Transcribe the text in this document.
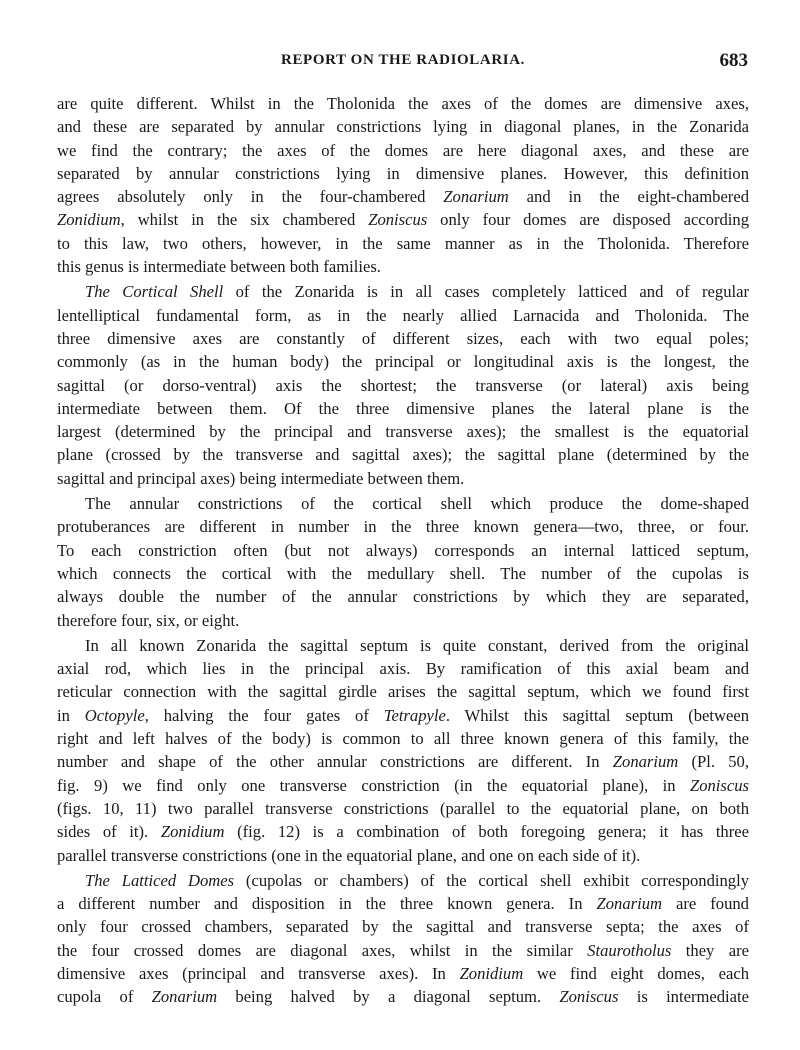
REPORT ON THE RADIOLARIA.	683
are quite different. Whilst in the Tholonida the axes of the domes are dimensive axes,
and these are separated by annular constrictions lying in diagonal planes, in the Zonarida
we find the contrary; the axes of the domes are here diagonal axes, and these are
separated by annular constrictions lying in dimensive planes. However, this definition
agrees absolutely only in the four-chambered Zonarium and in the eight-chambered
Zonidium, whilst in the six chambered Zoniscus only four domes are disposed according
to this law, two others, however, in the same manner as in the Tholonida. Therefore
this genus is intermediate between both families.
The Cortical Shell of the Zonarida is in all cases completely latticed and of regular
lentelliptical fundamental form, as in the nearly allied Larnacida and Tholonida. The
three dimensive axes are constantly of different sizes, each with two equal poles;
commonly (as in the human body) the principal or longitudinal axis is the longest, the
sagittal (or dorso-ventral) axis the shortest; the transverse (or lateral) axis being
intermediate between them. Of the three dimensive planes the lateral plane is the
largest (determined by the principal and transverse axes); the smallest is the equatorial
plane (crossed by the transverse and sagittal axes); the sagittal plane (determined by the
sagittal and principal axes) being intermediate between them.
The annular constrictions of the cortical shell which produce the dome-shaped
protuberances are different in number in the three known genera—two, three, or four.
To each constriction often (but not always) corresponds an internal latticed septum,
which connects the cortical with the medullary shell. The number of the cupolas is
always double the number of the annular constrictions by which they are separated,
therefore four, six, or eight.
In all known Zonarida the sagittal septum is quite constant, derived from the original
axial rod, which lies in the principal axis. By ramification of this axial beam and
reticular connection with the sagittal girdle arises the sagittal septum, which we found first
in Octopyle, halving the four gates of Tetrapyle. Whilst this sagittal septum (between
right and left halves of the body) is common to all three known genera of this family, the
number and shape of the other annular constrictions are different. In Zonarium (Pl. 50,
fig. 9) we find only one transverse constriction (in the equatorial plane), in Zoniscus
(figs. 10, 11) two parallel transverse constrictions (parallel to the equatorial plane, on both
sides of it). Zonidium (fig. 12) is a combination of both foregoing genera; it has three
parallel transverse constrictions (one in the equatorial plane, and one on each side of it).
The Latticed Domes (cupolas or chambers) of the cortical shell exhibit correspondingly
a different number and disposition in the three known genera. In Zonarium are found
only four crossed chambers, separated by the sagittal and transverse septa; the axes of
the four crossed domes are diagonal axes, whilst in the similar Staurotholus they are
dimensive axes (principal and transverse axes). In Zonidium we find eight domes, each
cupola of Zonarium being halved by a diagonal septum. Zoniscus is intermediate
